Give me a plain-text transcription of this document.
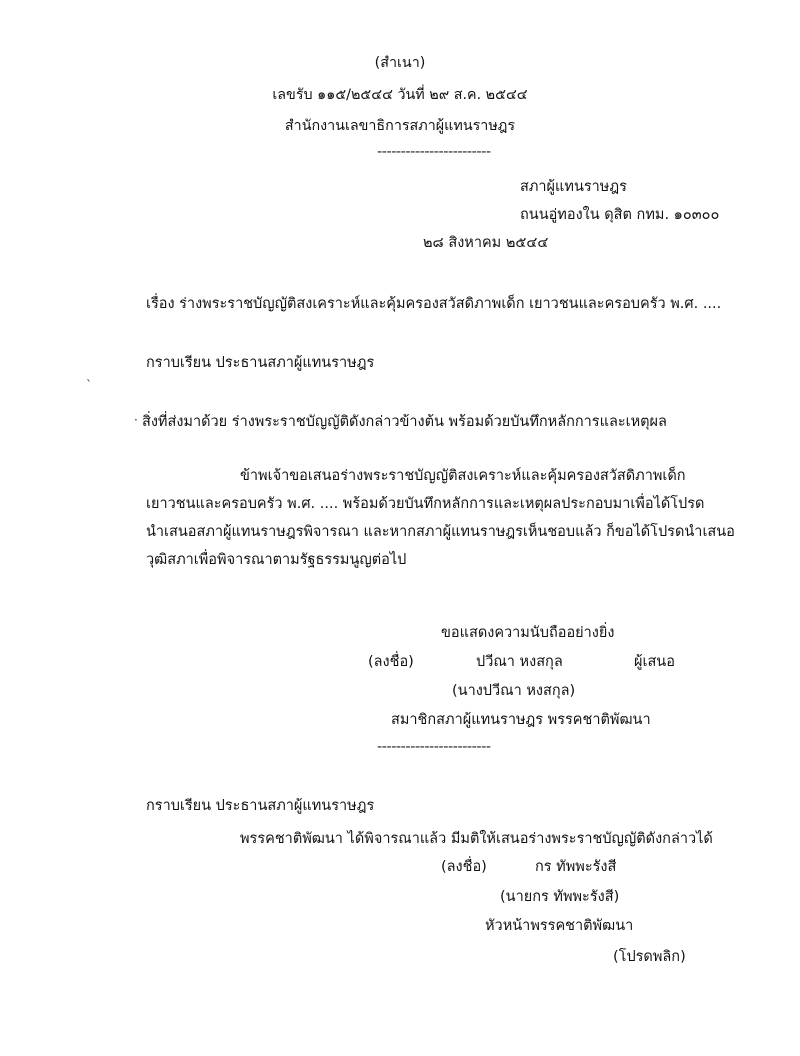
(สำเนา)
เลขรับ ๑๑๕/๒๕๔๔ วันที่ ๒๙ ส.ค. ๒๕๔๔
สำนักงานเลขาธิการสภาผู้แทนราษฎร
------------------------
สภาผู้แทนราษฎร
ถนนอู่ทองใน ดุสิต กทม. ๑๐๓๐๐
๒๘ สิงหาคม ๒๕๔๔
เรื่อง ร่างพระราชบัญญัติสงเคราะห์และคุ้มครองสวัสดิภาพเด็ก เยาวชนและครอบครัว พ.ศ. ....
กราบเรียน ประธานสภาผู้แทนราษฎร
ˋ
· สิ่งที่ส่งมาด้วย ร่างพระราชบัญญัติดังกล่าวข้างต้น พร้อมด้วยบันทึกหลักการและเหตุผล
ข้าพเจ้าขอเสนอร่างพระราชบัญญัติสงเคราะห์และคุ้มครองสวัสดิภาพเด็ก
เยาวชนและครอบครัว พ.ศ. .... พร้อมด้วยบันทึกหลักการและเหตุผลประกอบมาเพื่อได้โปรด
นำเสนอสภาผู้แทนราษฎรพิจารณา และหากสภาผู้แทนราษฎรเห็นชอบแล้ว ก็ขอได้โปรดนำเสนอ
วุฒิสภาเพื่อพิจารณาตามรัฐธรรมนูญต่อไป
ขอแสดงความนับถืออย่างยิ่ง
(ลงชื่อ)	ปวีณา หงสกุล	ผู้เสนอ
(นางปวีณา หงสกุล)
สมาชิกสภาผู้แทนราษฎร พรรคชาติพัฒนา
------------------------
กราบเรียน ประธานสภาผู้แทนราษฎร
พรรคชาติพัฒนา ได้พิจารณาแล้ว มีมติให้เสนอร่างพระราชบัญญัติดังกล่าวได้
(ลงชื่อ)	กร ทัพพะรังสี
(นายกร ทัพพะรังสี)
หัวหน้าพรรคชาติพัฒนา
(โปรดพลิก)
